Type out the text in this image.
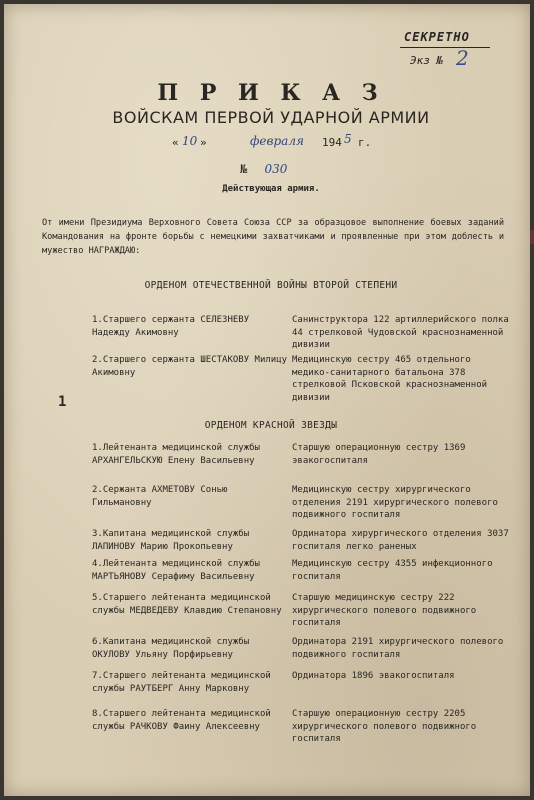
СЕКРЕТНО
Экз № 2
П Р И К А З
ВОЙСКАМ ПЕРВОЙ УДАРНОЙ АРМИИ
« 10 »	февраля 194 5 г.
№ 030
Действующая армия.
От имени Президиума Верховного Совета Союза ССР за образцовое выполнение боевых заданий Командования на фронте борьбы с немецкими захватчиками и проявленные при этом доблесть и мужество НАГРАЖДАЮ:
ОРДЕНОМ ОТЕЧЕСТВЕННОЙ ВОЙНЫ ВТОРОЙ СТЕПЕНИ
1.Старшего сержанта СЕЛЕЗНЕВУ Надежду Акимовну
Санинструктора 122 артиллерийского полка 44 стрелковой Чудовской краснознаменной дивизии
2.Старшего сержанта ШЕСТАКОВУ Милицу Акимовну
Медицинскую сестру 465 отдельного медико-санитарного батальона 378 стрелковой Псковской краснознаменной дивизии
ОРДЕНОМ КРАСНОЙ ЗВЕЗДЫ
1.Лейтенанта медицинской службы АРХАНГЕЛЬСКУЮ Елену Васильевну
Старшую операционную сестру 1369 эвакогоспиталя
2.Сержанта АХМЕТОВУ Сонью Гильмановну
Медицинскую сестру хирургического отделения 2191 хирургического полевого подвижного госпиталя
3.Капитана медицинской службы ЛАПИНОВУ Марию Прокопьевну
Ординатора хирургического отделения 3037 госпиталя легко раненых
4.Лейтенанта медицинской службы МАРТЬЯНОВУ Серафиму Васильевну
Медицинскую сестру 4355 инфекционного госпиталя
5.Старшего лейтенанта медицинской службы МЕДВЕДЕВУ Клавдию Степановну
Старшую медицинскую сестру 222 хирургического полевого подвижного госпиталя
6.Капитана медицинской службы ОКУЛОВУ Ульяну Порфирьевну
Ординатора 2191 хирургического полевого подвижного госпиталя
7.Старшего лейтенанта медицинской службы РАУТБЕРГ Анну Марковну
Ординатора 1896 эвакогоспиталя
8.Старшего лейтенанта медицинской службы РАЧКОВУ Фаину Алексеевну
Старшую операционную сестру 2205 хирургического полевого подвижного госпиталя
1
